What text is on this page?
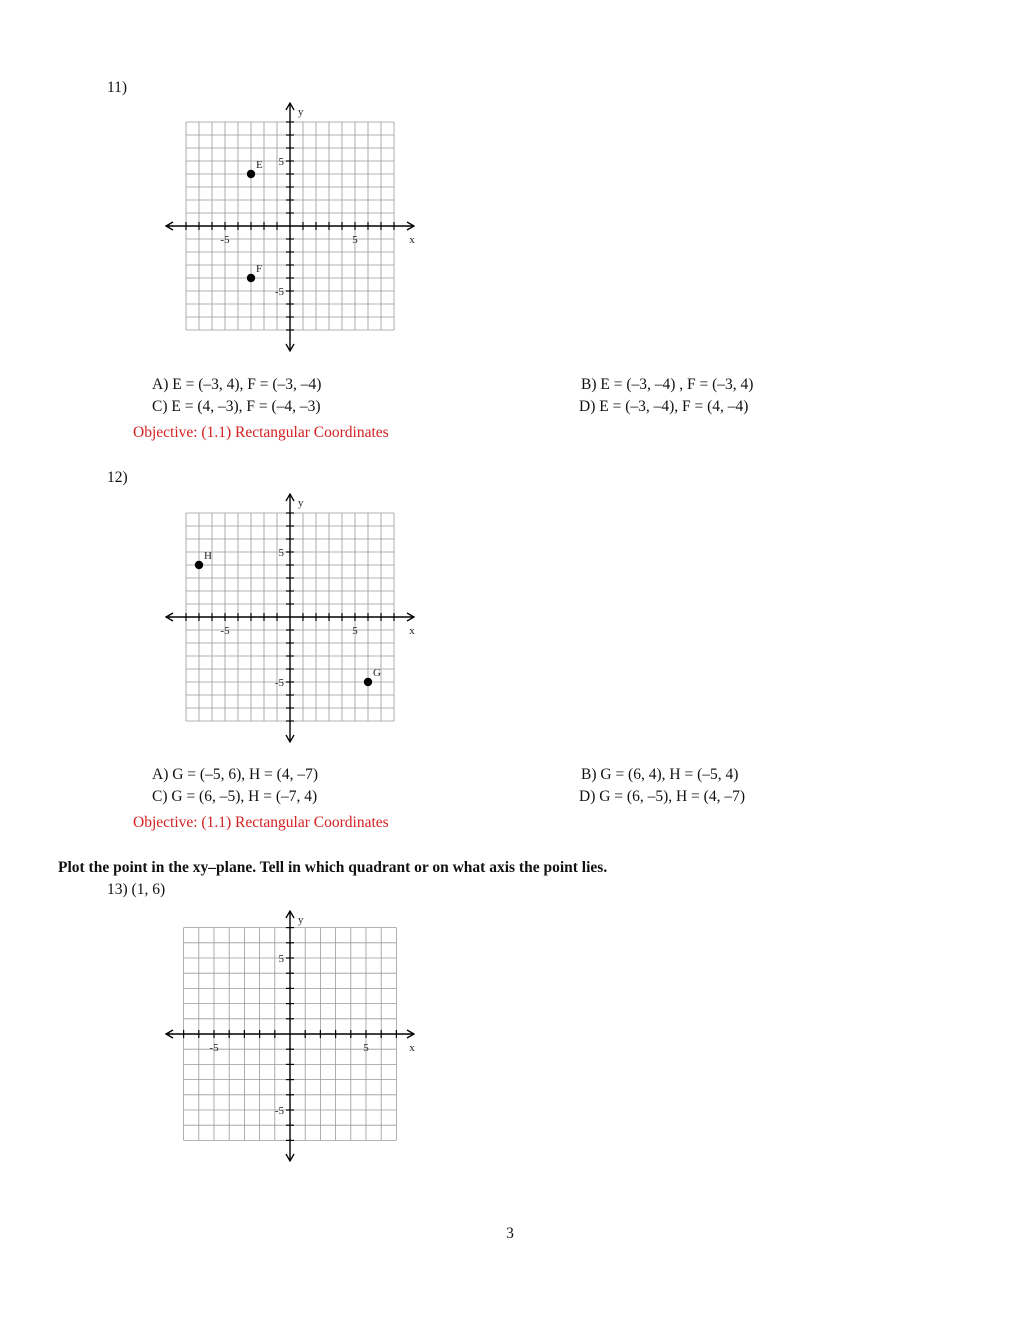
11)
-5	5
5
-5
x
y
E
F
A) E = (–3, 4), F = (–3, –4)	B) E = (–3, –4) , F = (–3, 4)
C) E = (4, –3), F = (–4, –3)	D) E = (–3, –4), F = (4, –4)
Objective: (1.1) Rectangular Coordinates
12)
-5	5
5
-5
x
y
H
G
A) G = (–5, 6), H = (4, –7)	B) G = (6, 4), H = (–5, 4)
C) G = (6, –5), H = (–7, 4)	D) G = (6, –5), H = (4, –7)
Objective: (1.1) Rectangular Coordinates
Plot the point in the xy–plane. Tell in which quadrant or on what axis the point lies.
13) (1, 6)
-5	5
5
-5
x
y
3
